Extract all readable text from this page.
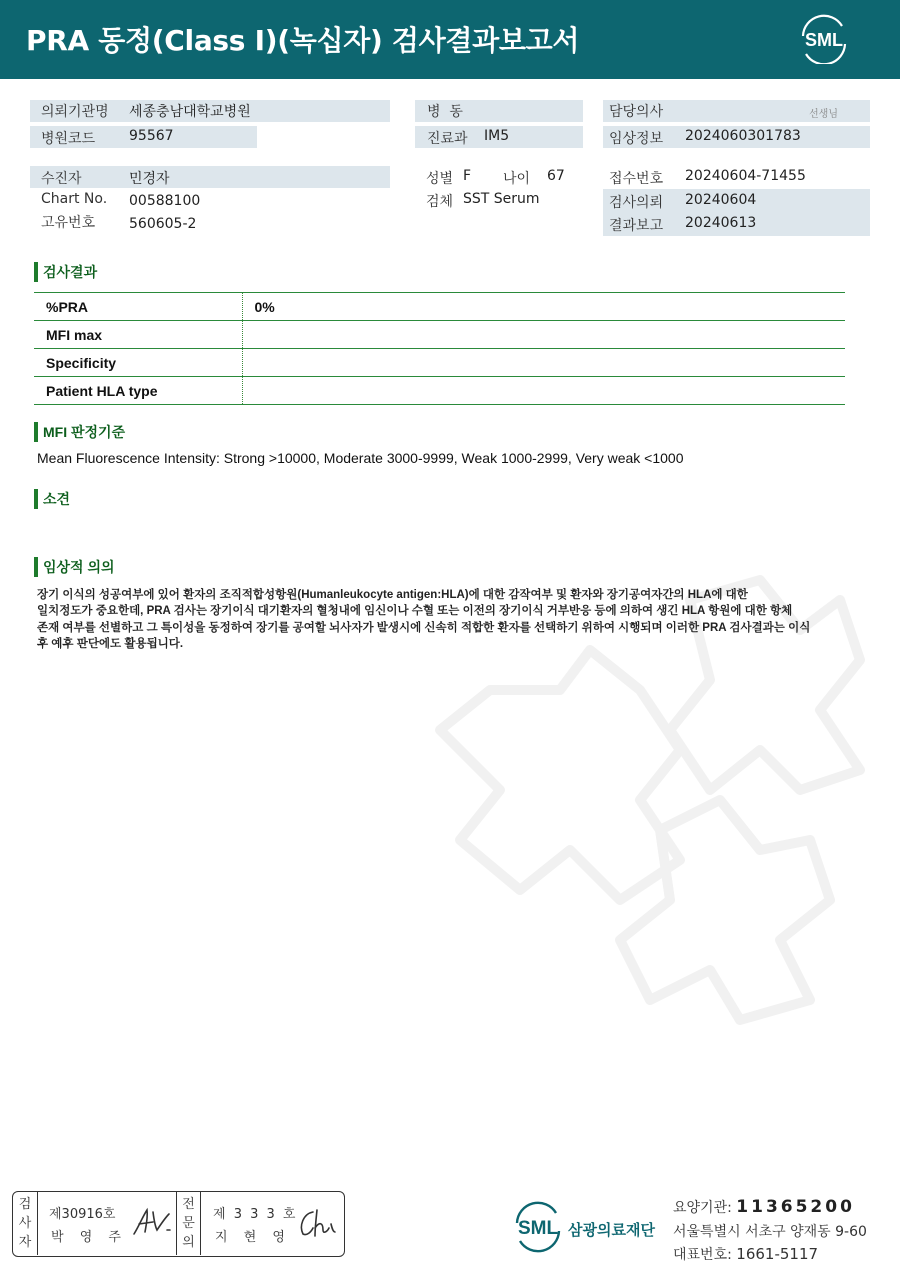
PRA 동정(Class I)(녹십자) 검사결과보고서	SML
의뢰기관명 세종충남대학교병원	병  동	담당의사	선생님
병원코드 95567	진료과 IM5	임상정보 2024060301783
수진자	민경자
Chart No. 00588100
고유번호 560605-2
성별 F 나이 67
검체 SST Serum
접수번호 20240604-71455
검사의뢰 20240604
결과보고 20240613
검사결과
%PRA	0%
MFI max	
Specificity	
Patient HLA type	
MFI 판정기준
Mean Fluorescence Intensity: Strong >10000, Moderate 3000-9999, Weak 1000-2999, Very weak <1000
소견
임상적 의의
장기 이식의 성공여부에 있어 환자의 조직적합성항원(Humanleukocyte antigen:HLA)에 대한 감작여부 및 환자와 장기공여자간의 HLA에 대한
일치정도가 중요한데, PRA 검사는 장기이식 대기환자의 혈청내에 임신이나 수혈 또는 이전의 장기이식 거부반응 등에 의하여 생긴 HLA 항원에 대한 항체
존재 여부를 선별하고 그 특이성을 동정하여 장기를 공여할 뇌사자가 발생시에 신속히 적합한 환자를 선택하기 위하여 시행되며 이러한 PRA 검사결과는 이식
후 예후 판단에도 활용됩니다.
검사자
제30916호
박 영 주
전문의
제 3 3 3 호
지 현 영	SML 삼광의료재단
요양기관: 11365200
서울특별시 서초구 양재동 9-60
대표번호: 1661-5117
